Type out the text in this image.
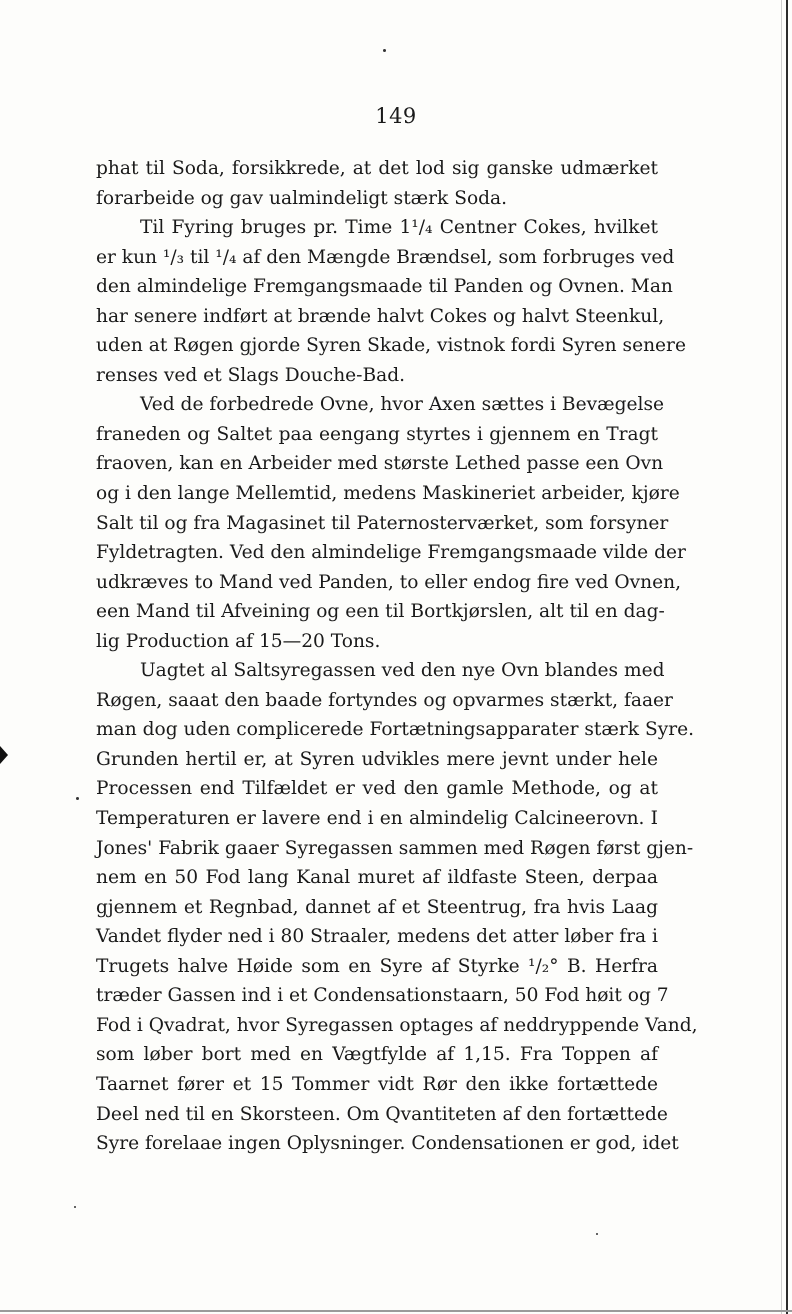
149
phat til Soda, forsikkrede, at det lod sig ganske udmærket
forarbeide og gav ualmindeligt stærk Soda.
Til Fyring bruges pr. Time 1¹/₄ Centner Cokes, hvilket
er kun ¹/₃ til ¹/₄ af den Mængde Brændsel, som forbruges ved
den almindelige Fremgangsmaade til Panden og Ovnen. Man
har senere indført at brænde halvt Cokes og halvt Steenkul,
uden at Røgen gjorde Syren Skade, vistnok fordi Syren senere
renses ved et Slags Douche-Bad.
Ved de forbedrede Ovne, hvor Axen sættes i Bevægelse
franeden og Saltet paa eengang styrtes i gjennem en Tragt
fraoven, kan en Arbeider med største Lethed passe een Ovn
og i den lange Mellemtid, medens Maskineriet arbeider, kjøre
Salt til og fra Magasinet til Paternosterværket, som forsyner
Fyldetragten. Ved den almindelige Fremgangsmaade vilde der
udkræves to Mand ved Panden, to eller endog fire ved Ovnen,
een Mand til Afveining og een til Bortkjørslen, alt til en dag-
lig Production af 15—20 Tons.
Uagtet al Saltsyregassen ved den nye Ovn blandes med
Røgen, saaat den baade fortyndes og opvarmes stærkt, faaer
man dog uden complicerede Fortætningsapparater stærk Syre.
Grunden hertil er, at Syren udvikles mere jevnt under hele
Processen end Tilfældet er ved den gamle Methode, og at
Temperaturen er lavere end i en almindelig Calcineerovn. I
Jones' Fabrik gaaer Syregassen sammen med Røgen først gjen-
nem en 50 Fod lang Kanal muret af ildfaste Steen, derpaa
gjennem et Regnbad, dannet af et Steentrug, fra hvis Laag
Vandet flyder ned i 80 Straaler, medens det atter løber fra i
Trugets halve Høide som en Syre af Styrke ¹/₂° B. Herfra
træder Gassen ind i et Condensationstaarn, 50 Fod høit og 7
Fod i Qvadrat, hvor Syregassen optages af neddryppende Vand,
som løber bort med en Vægtfylde af 1,15. Fra Toppen af
Taarnet fører et 15 Tommer vidt Rør den ikke fortættede
Deel ned til en Skorsteen. Om Qvantiteten af den fortættede
Syre forelaae ingen Oplysninger. Condensationen er god, idet
